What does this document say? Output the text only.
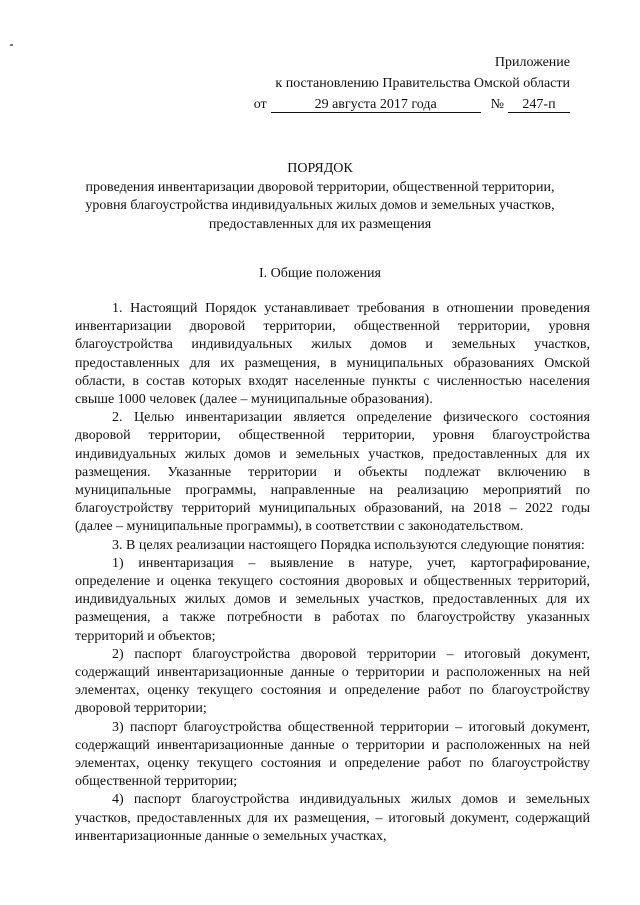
Приложение
к постановлению Правительства Омской области
от	29 августа 2017 года	№	247-п
ПОРЯДОК
проведения инвентаризации дворовой территории, общественной территории, уровня благоустройства индивидуальных жилых домов и земельных участков, предоставленных для их размещения
I. Общие положения

1. Настоящий Порядок устанавливает требования в отношении проведения инвентаризации дворовой территории, общественной территории, уровня благоустройства индивидуальных жилых домов и земельных участков, предоставленных для их размещения, в муниципальных образованиях Омской области, в состав которых входят населенные пункты с численностью населения свыше 1000 человек (далее – муниципальные образования).

2. Целью инвентаризации является определение физического состояния дворовой территории, общественной территории, уровня благоустройства индивидуальных жилых домов и земельных участков, предоставленных для их размещения. Указанные территории и объекты подлежат включению в муниципальные программы, направленные на реализацию мероприятий по благоустройству территорий муниципальных образований, на 2018 – 2022 годы (далее – муниципальные программы), в соответствии с законодательством.

3. В целях реализации настоящего Порядка используются следующие понятия:

1) инвентаризация – выявление в натуре, учет, картографирование, определение и оценка текущего состояния дворовых и общественных территорий, индивидуальных жилых домов и земельных участков, предоставленных для их размещения, а также потребности в работах по благоустройству указанных территорий и объектов;

2) паспорт благоустройства дворовой территории – итоговый документ, содержащий инвентаризационные данные о территории и расположенных на ней элементах, оценку текущего состояния и определение работ по благоустройству дворовой территории;

3) паспорт благоустройства общественной территории – итоговый документ, содержащий инвентаризационные данные о территории и расположенных на ней элементах, оценку текущего состояния и определение работ по благоустройству общественной территории;

4) паспорт благоустройства индивидуальных жилых домов и земельных участков, предоставленных для их размещения, – итоговый документ, содержащий инвентаризационные данные о земельных участках,
